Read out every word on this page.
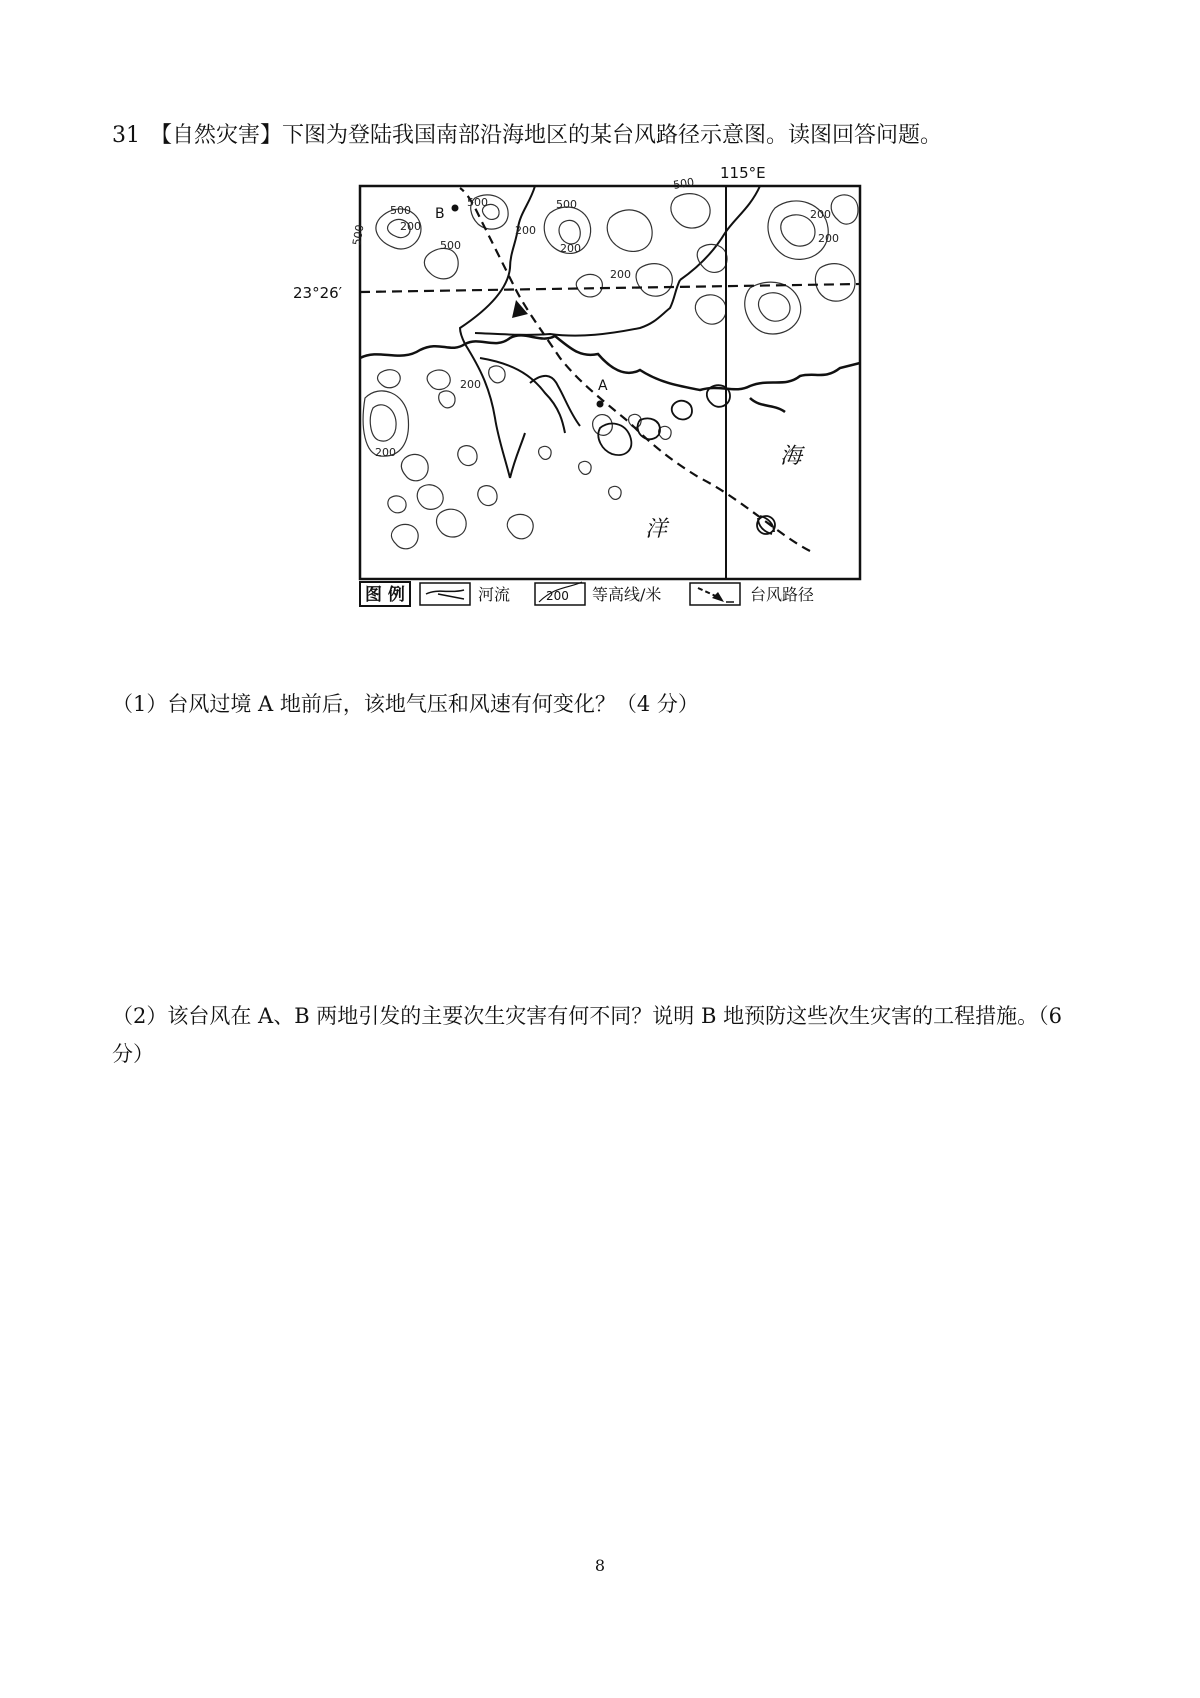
31 【自然灾害】下图为登陆我国南部沿海地区的某台风路径示意图。读图回答问题。
115°E
23°26′
A
B
500
500
500	500
500
500	200	200
200
200
200
200
200
200	海
洋
图 例	河流	200 等高线/米	台风路径
（1）台风过境 A 地前后，该地气压和风速有何变化？（4 分）
（2）该台风在 A、B 两地引发的主要次生灾害有何不同？说明 B 地预防这些次生灾害的工程措施。（6 分）
8
